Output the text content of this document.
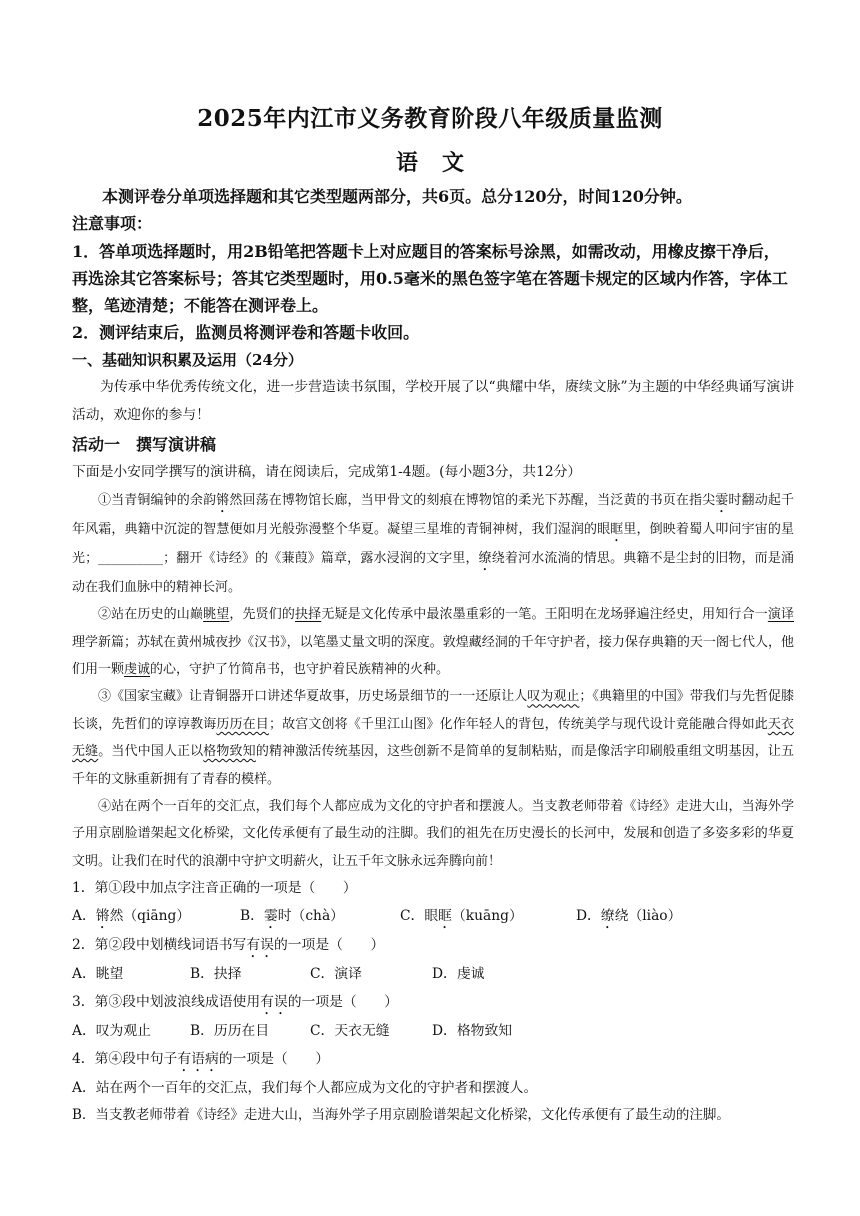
2025年内江市义务教育阶段八年级质量监测
语文

本测评卷分单项选择题和其它类型题两部分，共6页。总分120分，时间120分钟。

注意事项：

1．答单项选择题时，用2B铅笔把答题卡上对应题目的答案标号涂黑，如需改动，用橡皮擦干净后，再选涂其它答案标号；答其它类型题时，用0.5毫米的黑色签字笔在答题卡规定的区域内作答，字体工整，笔迹清楚；不能答在测评卷上。

2．测评结束后，监测员将测评卷和答题卡收回。

一、基础知识积累及运用（24分）

为传承中华优秀传统文化，进一步营造读书氛围，学校开展了以“典耀中华，赓续文脉”为主题的中华经典诵写演讲活动，欢迎你的参与！

活动一　撰写演讲稿

下面是小安同学撰写的演讲稿，请在阅读后，完成第1-4题。(每小题3分，共12分）

①当青铜编钟的余韵锵然回荡在博物馆长廊，当甲骨文的刻痕在博物馆的柔光下苏醒，当泛黄的书页在指尖霎时翻动起千年风霜，典籍中沉淀的智慧便如月光般弥漫整个华夏。凝望三星堆的青铜神树，我们湿润的眼眶里，倒映着蜀人叩问宇宙的星光；__________；翻开《诗经》的《蒹葭》篇章，露水浸润的文字里，缭绕着河水流淌的情思。典籍不是尘封的旧物，而是涌动在我们血脉中的精神长河。

②站在历史的山巅眺望，先贤们的抉择无疑是文化传承中最浓墨重彩的一笔。王阳明在龙场驿遍注经史，用知行合一演译理学新篇；苏轼在黄州城夜抄《汉书》，以笔墨丈量文明的深度。敦煌藏经洞的千年守护者，接力保存典籍的天一阁七代人，他们用一颗虔诚的心，守护了竹简帛书，也守护着民族精神的火种。

③《国家宝藏》让青铜器开口讲述华夏故事，历史场景细节的一一还原让人叹为观止；《典籍里的中国》带我们与先哲促膝长谈，先哲们的谆谆教诲历历在目；故宫文创将《千里江山图》化作年轻人的背包，传统美学与现代设计竟能融合得如此天衣无缝。当代中国人正以格物致知的精神激活传统基因，这些创新不是简单的复制粘贴，而是像活字印刷般重组文明基因，让五千年的文脉重新拥有了青春的模样。

④站在两个一百年的交汇点，我们每个人都应成为文化的守护者和摆渡人。当支教老师带着《诗经》走进大山，当海外学子用京剧脸谱架起文化桥梁，文化传承便有了最生动的注脚。我们的祖先在历史漫长的长河中，发展和创造了多姿多彩的华夏文明。让我们在时代的浪潮中守护文明薪火，让五千年文脉永远奔腾向前！

1．第①段中加点字注音正确的一项是（　　）

A．锵然（qiāng）	B．霎时（chà）	C．眼眶（kuāng）	D．缭绕（liào）

2．第②段中划横线词语书写有误的一项是（　　）

A．眺望	B．抉择	C．演译	D．虔诚

3．第③段中划波浪线成语使用有误的一项是（　　）

A．叹为观止	B．历历在目	C．天衣无缝	D．格物致知

4．第④段中句子有语病的一项是（　　）

A．站在两个一百年的交汇点，我们每个人都应成为文化的守护者和摆渡人。

B．当支教老师带着《诗经》走进大山，当海外学子用京剧脸谱架起文化桥梁，文化传承便有了最生动的注脚。
